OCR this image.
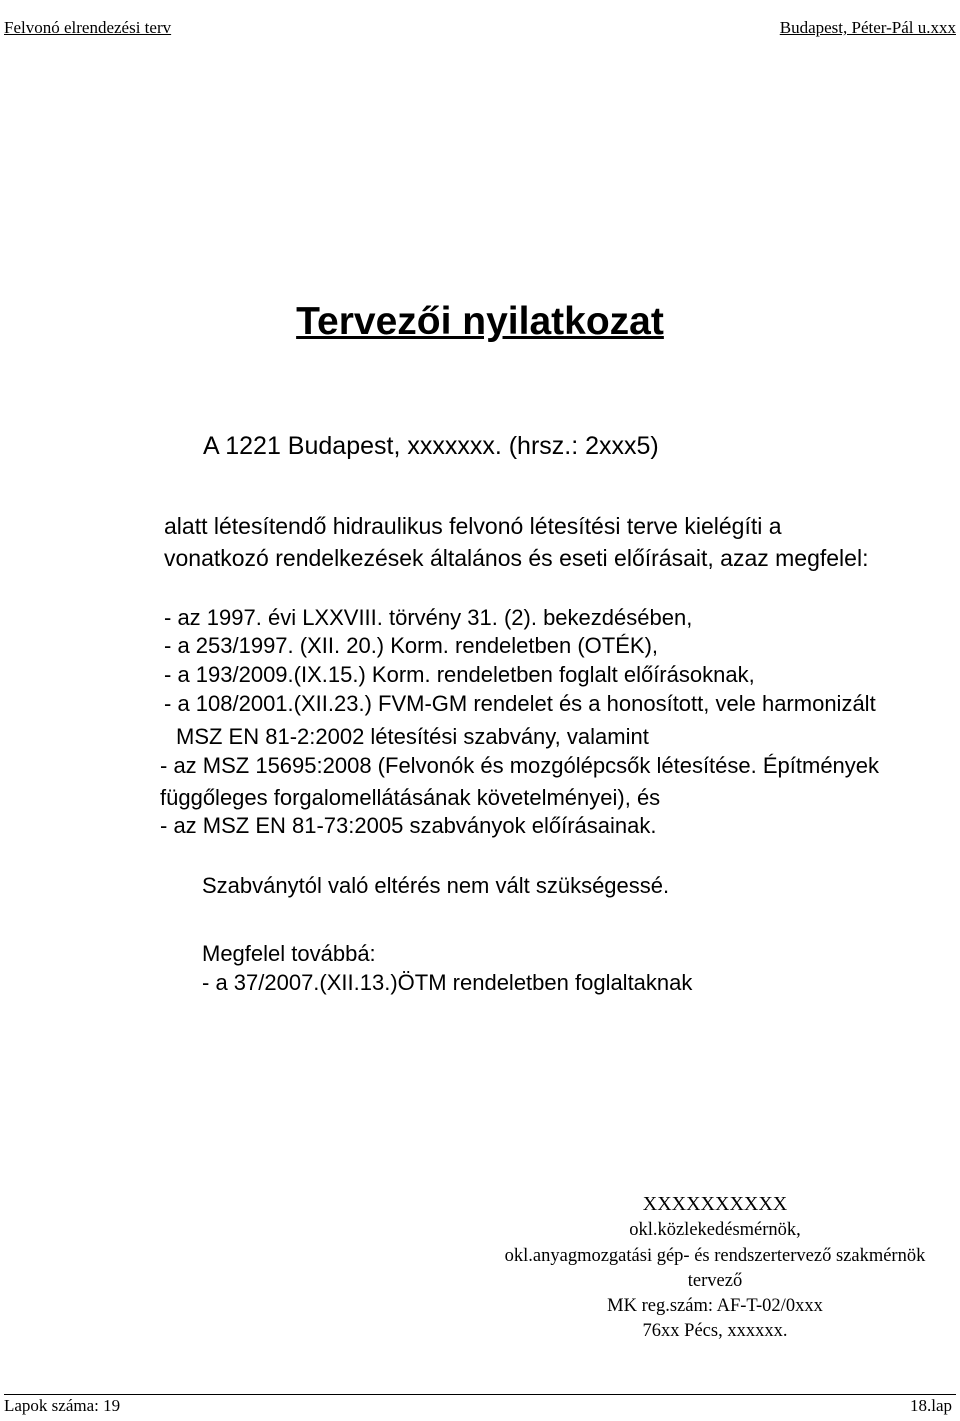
Felvonó elrendezési terv	Budapest, Péter-Pál u.xxx
Tervezői nyilatkozat
A 1221 Budapest, xxxxxxx. (hrsz.: 2xxx5)
alatt létesítendő hidraulikus felvonó létesítési terve kielégíti a
vonatkozó rendelkezések általános és eseti előírásait, azaz megfelel:
- az 1997. évi LXXVIII. törvény 31. (2). bekezdésében,
- a 253/1997. (XII. 20.) Korm. rendeletben (OTÉK),
- a 193/2009.(IX.15.) Korm. rendeletben foglalt előírásoknak,
- a 108/2001.(XII.23.) FVM-GM rendelet és a honosított, vele harmonizált
MSZ EN 81-2:2002 létesítési szabvány, valamint
- az MSZ 15695:2008 (Felvonók és mozgólépcsők létesítése. Építmények
függőleges forgalomellátásának követelményei), és
- az MSZ EN 81-73:2005 szabványok előírásainak.
Szabványtól való eltérés nem vált szükségessé.
Megfelel továbbá:
- a 37/2007.(XII.13.)ÖTM rendeletben foglaltaknak
XXXXXXXXXX
okl.közlekedésmérnök,
okl.anyagmozgatási gép- és rendszertervező szakmérnök
tervező
MK reg.szám: AF-T-02/0xxx
76xx Pécs, xxxxxx.
Lapok száma: 19	18.lap
